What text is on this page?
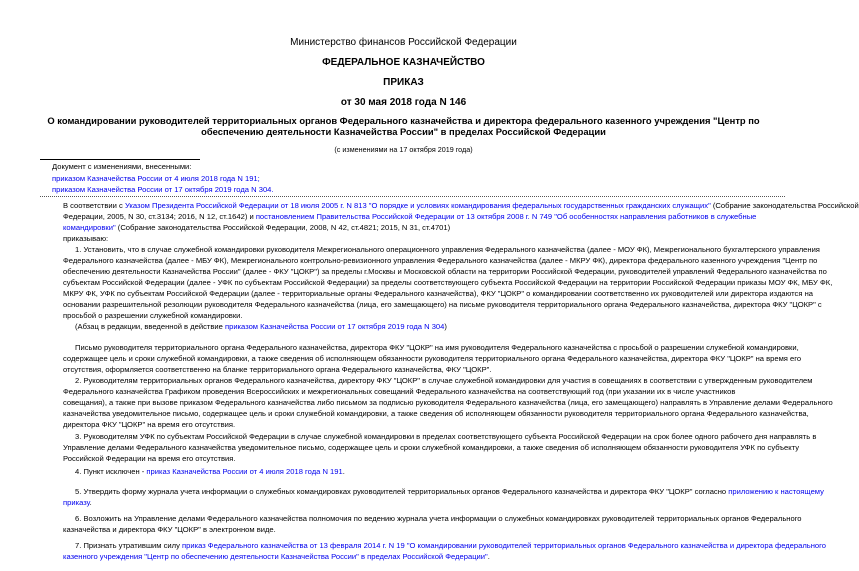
Министерство финансов Российской Федерации
ФЕДЕРАЛЬНОЕ КАЗНАЧЕЙСТВО
ПРИКАЗ
от 30 мая 2018 года N 146
О командировании руководителей территориальных органов Федерального казначейства и директора федерального казенного учреждения "Центр по
обеспечению деятельности Казначейства России" в пределах Российской Федерации
(с изменениями на 17 октября 2019 года)
Документ с изменениями, внесенными:
приказом Казначейства России от 4 июля 2018 года N 191;
приказом Казначейства России от 17 октября 2019 года N 304.
В соответствии с Указом Президента Российской Федерации от 18 июля 2005 г. N 813 "О порядке и условиях командирования федеральных государственных гражданских служащих" (Собрание законодательства Российской
Федерации, 2005, N 30, ст.3134; 2016, N 12, ст.1642) и постановлением Правительства Российской Федерации от 13 октября 2008 г. N 749 "Об особенностях направления работников в служебные
командировки" (Собрание законодательства Российской Федерации, 2008, N 42, ст.4821; 2015, N 31, ст.4701)
приказываю:
1. Установить, что в случае служебной командировки руководителя Межрегионального операционного управления Федерального казначейства (далее - МОУ ФК), Межрегионального бухгалтерского управления
Федерального казначейства (далее - МБУ ФК), Межрегионального контрольно-ревизионного управления Федерального казначейства (далее - МКРУ ФК), директора федерального казенного учреждения "Центр по
обеспечению деятельности Казначейства России" (далее - ФКУ "ЦОКР") за пределы г.Москвы и Московской области на территории Российской Федерации, руководителей управлений Федерального казначейства по
субъектам Российской Федерации (далее - УФК по субъектам Российской Федерации) за пределы соответствующего субъекта Российской Федерации на территории Российской Федерации приказы МОУ ФК, МБУ ФК,
МКРУ ФК, УФК по субъектам Российской Федерации (далее - территориальные органы Федерального казначейства), ФКУ "ЦОКР" о командировании соответственно их руководителей или директора издаются на
основании разрешительной резолюции руководителя Федерального казначейства (лица, его замещающего) на письме руководителя территориального органа Федерального казначейства, директора ФКУ "ЦОКР" с
просьбой о разрешении служебной командировки.
(Абзац в редакции, введенной в действие приказом Казначейства России от 17 октября 2019 года N 304)
Письмо руководителя территориального органа Федерального казначейства, директора ФКУ "ЦОКР" на имя руководителя Федерального казначейства с просьбой о разрешении служебной командировки,
содержащее цель и сроки служебной командировки, а также сведения об исполняющем обязанности руководителя территориального органа Федерального казначейства, директора ФКУ "ЦОКР" на время его
отсутствия, оформляется соответственно на бланке территориального органа Федерального казначейства, ФКУ "ЦОКР".
2. Руководителям территориальных органов Федерального казначейства, директору ФКУ "ЦОКР" в случае служебной командировки для участия в совещаниях в соответствии с утвержденным руководителем
Федерального казначейства Графиком проведения Всероссийских и межрегиональных совещаний Федерального казначейства на соответствующий год (при указании их в числе участников
совещания), а также при вызове приказом Федерального казначейства либо письмом за подписью руководителя Федерального казначейства (лица, его замещающего) направлять в Управление делами Федерального
казначейства уведомительное письмо, содержащее цель и сроки служебной командировки, а также сведения об исполняющем обязанности руководителя территориального органа Федерального казначейства,
директора ФКУ "ЦОКР" на время его отсутствия.
3. Руководителям УФК по субъектам Российской Федерации в случае служебной командировки в пределах соответствующего субъекта Российской Федерации на срок более одного рабочего дня направлять в
Управление делами Федерального казначейства уведомительное письмо, содержащее цель и сроки служебной командировки, а также сведения об исполняющем обязанности руководителя УФК по субъекту
Российской Федерации на время его отсутствия.
4. Пункт исключен - приказ Казначейства России от 4 июля 2018 года N 191.
5. Утвердить форму журнала учета информации о служебных командировках руководителей территориальных органов Федерального казначейства и директора ФКУ "ЦОКР" согласно приложению к настоящему
приказу.
6. Возложить на Управление делами Федерального казначейства полномочия по ведению журнала учета информации о служебных командировках руководителей территориальных органов Федерального
казначейства и директора ФКУ "ЦОКР" в электронном виде.
7. Признать утратившим силу приказ Федерального казначейства от 13 февраля 2014 г. N 19 "О командировании руководителей территориальных органов Федерального казначейства и директора федерального
казенного учреждения "Центр по обеспечению деятельности Казначейства России" в пределах Российской Федерации".
